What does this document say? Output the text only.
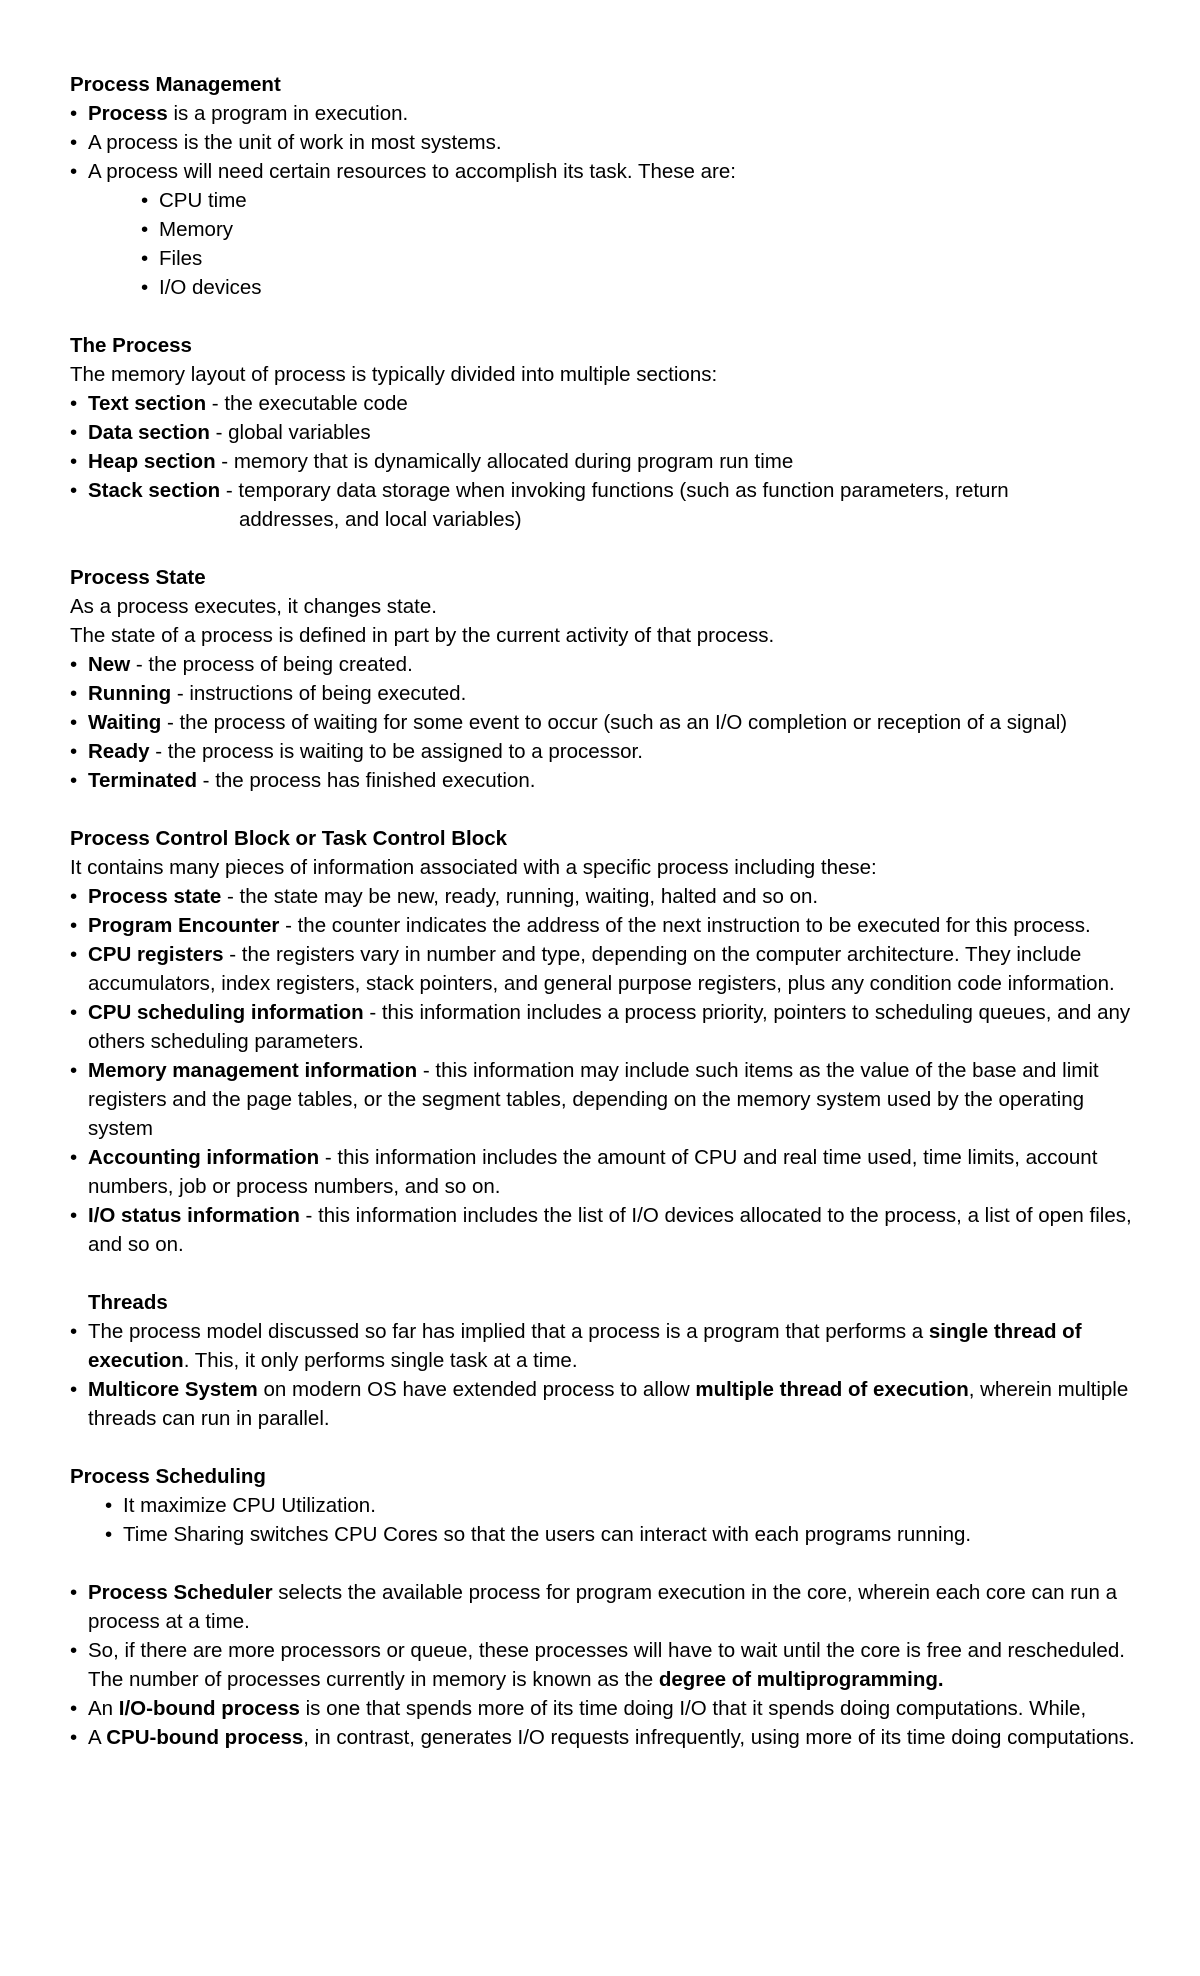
Process Management

• Process is a program in execution.
• A process is the unit of work in most systems.
• A process will need certain resources to accomplish its task. These are:
• CPU time
• Memory
• Files
• I/O devices

The Process

The memory layout of process is typically divided into multiple sections:

• Text section - the executable code
• Data section - global variables
• Heap section - memory that is dynamically allocated during program run time
• Stack section - temporary data storage when invoking functions (such as function parameters, return

addresses, and local variables)

Process State

As a process executes, it changes state.

The state of a process is defined in part by the current activity of that process.

• New - the process of being created.
• Running - instructions of being executed.
• Waiting - the process of waiting for some event to occur (such as an I/O completion or reception of a signal)
• Ready - the process is waiting to be assigned to a processor.
• Terminated - the process has finished execution.

Process Control Block or Task Control Block

It contains many pieces of information associated with a specific process including these:

• Process state - the state may be new, ready, running, waiting, halted and so on.
• Program Encounter - the counter indicates the address of the next instruction to be executed for this process.
• CPU registers - the registers vary in number and type, depending on the computer architecture. They include accumulators, index registers, stack pointers, and general purpose registers, plus any condition code information.
• CPU scheduling information - this information includes a process priority, pointers to scheduling queues, and any others scheduling parameters.
• Memory management information - this information may include such items as the value of the base and limit registers and the page tables, or the segment tables, depending on the memory system used by the operating system
• Accounting information - this information includes the amount of CPU and real time used, time limits, account numbers, job or process numbers, and so on.
• I/O status information - this information includes the list of I/O devices allocated to the process, a list of open files, and so on.

Threads

• The process model discussed so far has implied that a process is a program that performs a single thread of execution. This, it only performs single task at a time.
• Multicore System on modern OS have extended process to allow multiple thread of execution, wherein multiple threads can run in parallel.

Process Scheduling

• It maximize CPU Utilization.
• Time Sharing switches CPU Cores so that the users can interact with each programs running.
• Process Scheduler selects the available process for program execution in the core, wherein each core can run a process at a time.
• So, if there are more processors or queue, these processes will have to wait until the core is free and rescheduled. The number of processes currently in memory is known as the degree of multiprogramming.
• An I/O-bound process is one that spends more of its time doing I/O that it spends doing computations. While,
• A CPU-bound process, in contrast, generates I/O requests infrequently, using more of its time doing computations.
